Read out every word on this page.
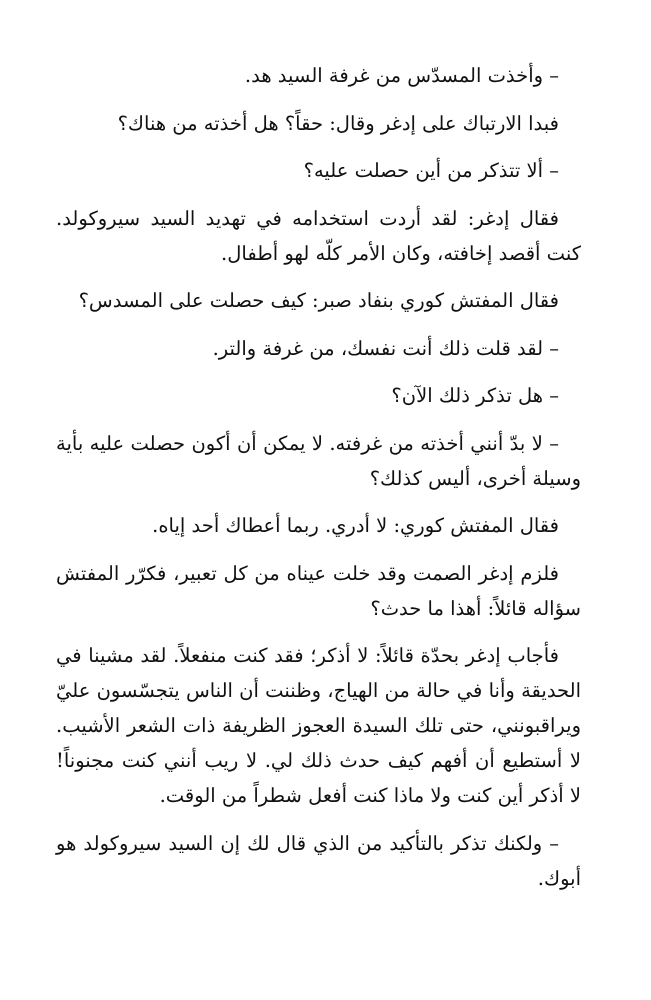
– وأخذت المسدّس من غرفة السيد هد.

فبدا الارتباك على إدغر وقال: حقاً؟ هل أخذته من هناك؟

– ألا تتذكر من أين حصلت عليه؟

فقال إدغر: لقد أردت استخدامه في تهديد السيد سيروكولد. كنت أقصد إخافته، وكان الأمر كلّه لهو أطفال.

فقال المفتش كوري بنفاد صبر: كيف حصلت على المسدس؟

– لقد قلت ذلك أنت نفسك، من غرفة والتر.

– هل تذكر ذلك الآن؟

– لا بدّ أنني أخذته من غرفته. لا يمكن أن أكون حصلت عليه بأية وسيلة أخرى، أليس كذلك؟

فقال المفتش كوري: لا أدري. ربما أعطاك أحد إياه.

فلزم إدغر الصمت وقد خلت عيناه من كل تعبير، فكرّر المفتش سؤاله قائلاً: أهذا ما حدث؟

فأجاب إدغر بحدّة قائلاً: لا أذكر؛ فقد كنت منفعلاً. لقد مشينا في الحديقة وأنا في حالة من الهياج، وظننت أن الناس يتجسّسون عليّ ويراقبونني، حتى تلك السيدة العجوز الظريفة ذات الشعر الأشيب. لا أستطيع أن أفهم كيف حدث ذلك لي. لا ريب أنني كنت مجنوناً! لا أذكر أين كنت ولا ماذا كنت أفعل شطراً من الوقت.

– ولكنك تذكر بالتأكيد من الذي قال لك إن السيد سيروكولد هو أبوك.
